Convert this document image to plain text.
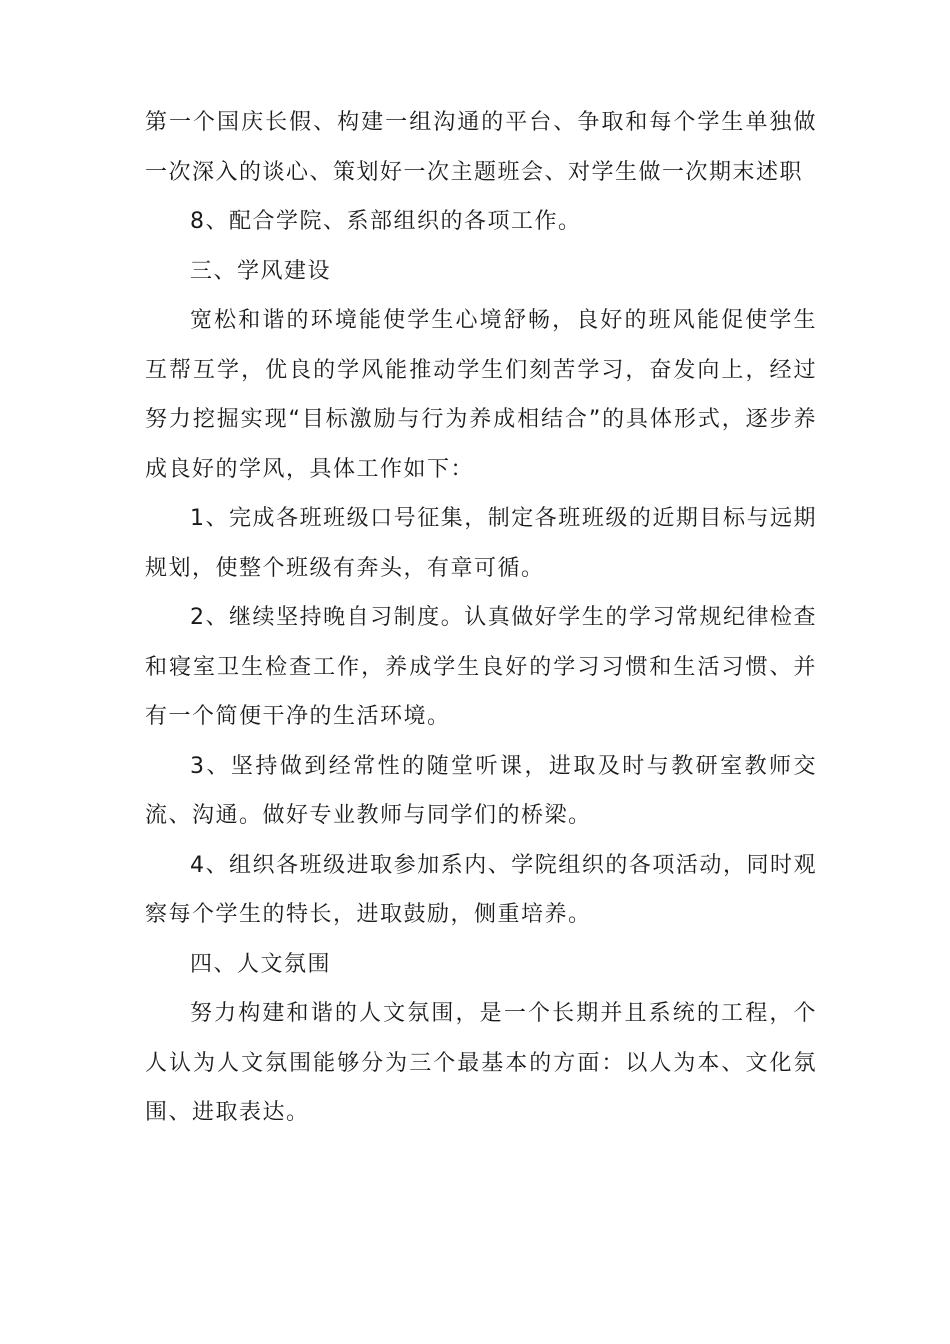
第一个国庆长假、构建一组沟通的平台、争取和每个学生单独做一次深入的谈心、策划好一次主题班会、对学生做一次期末述职

8、配合学院、系部组织的各项工作。

三、学风建设

宽松和谐的环境能使学生心境舒畅，良好的班风能促使学生互帮互学，优良的学风能推动学生们刻苦学习，奋发向上，经过努力挖掘实现“目标激励与行为养成相结合”的具体形式，逐步养成良好的学风，具体工作如下：

1、完成各班班级口号征集，制定各班班级的近期目标与远期规划，使整个班级有奔头，有章可循。

2、继续坚持晚自习制度。认真做好学生的学习常规纪律检查和寝室卫生检查工作，养成学生良好的学习习惯和生活习惯、并有一个简便干净的生活环境。

3、坚持做到经常性的随堂听课，进取及时与教研室教师交流、沟通。做好专业教师与同学们的桥梁。

4、组织各班级进取参加系内、学院组织的各项活动，同时观察每个学生的特长，进取鼓励，侧重培养。

四、人文氛围

努力构建和谐的人文氛围，是一个长期并且系统的工程，个人认为人文氛围能够分为三个最基本的方面：以人为本、文化氛围、进取表达。
